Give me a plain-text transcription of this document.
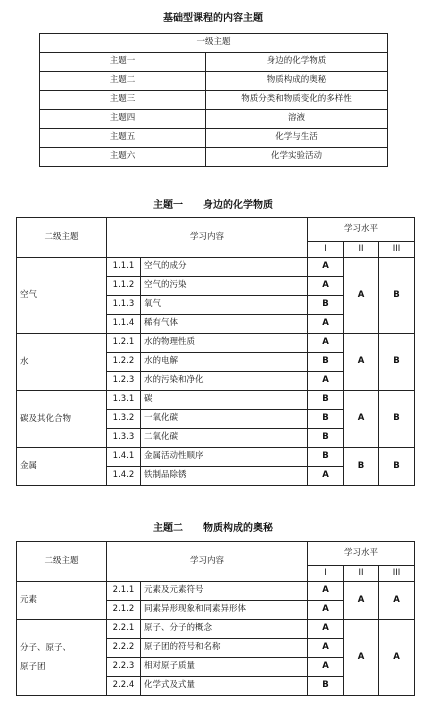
基础型课程的内容主题
一级主题	
主题一	身边的化学物质
主题二	物质构成的奥秘
主题三	物质分类和物质变化的多样性
主题四	溶液
主题五	化学与生活
主题六	化学实验活动
主题一　　身边的化学物质
二级主题	学习内容		学习水平		
			I	II	III
空气	1.1.1	空气的成分	A	A	B
	1.1.2	空气的污染	A		
	1.1.3	氧气	B		
	1.1.4	稀有气体	A		
水	1.2.1	水的物理性质	A	A	B
	1.2.2	水的电解	B		
	1.2.3	水的污染和净化	A		
碳及其化合物	1.3.1	碳	B	A	B
	1.3.2	一氧化碳	B		
	1.3.3	二氧化碳	B		
金属	1.4.1	金属活动性顺序	B	B	B
	1.4.2	铁制品除锈	A		
主题二　　物质构成的奥秘
二级主题	学习内容		学习水平		
			I	II	III
元素	2.1.1	元素及元素符号	A	A	A
	2.1.2	同素异形现象和同素异形体	A		
分子、原子、
原子团	2.2.1	原子、分子的概念	A	A	A
	2.2.2	原子团的符号和名称	A		
	2.2.3	相对原子质量	A		
	2.2.4	化学式及式量	B		
